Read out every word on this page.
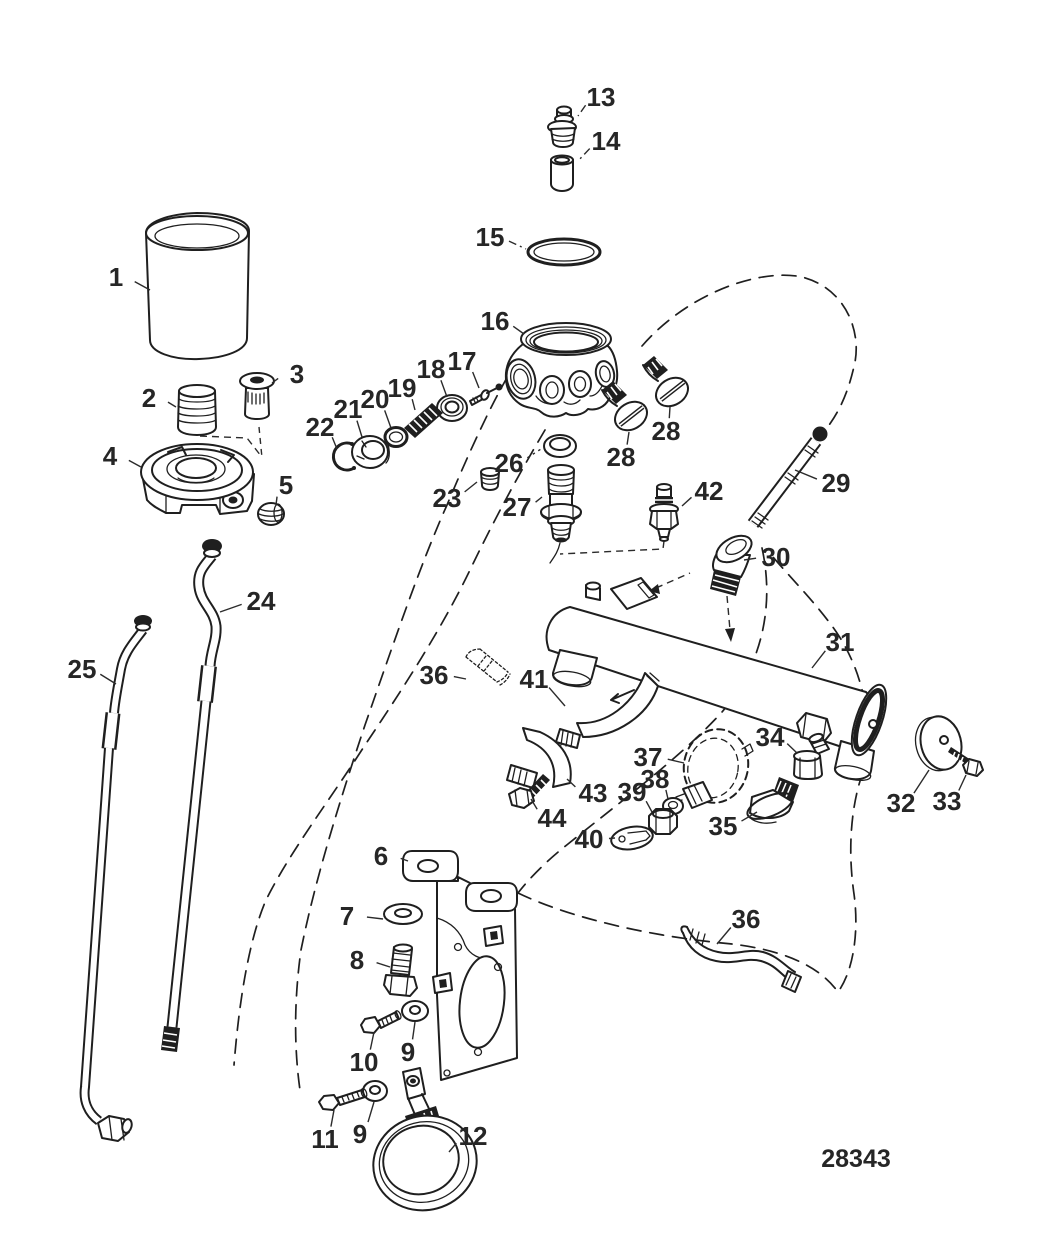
1
2
3
4
5
22
21
20
19
18 17
16
13
14
15
23
26
27
28
28
42	29
30
31
24
25	36	41
37
38
39
34
35
32 33
43
44
40
36
6
7
8
10 9
11 9	12
28343
